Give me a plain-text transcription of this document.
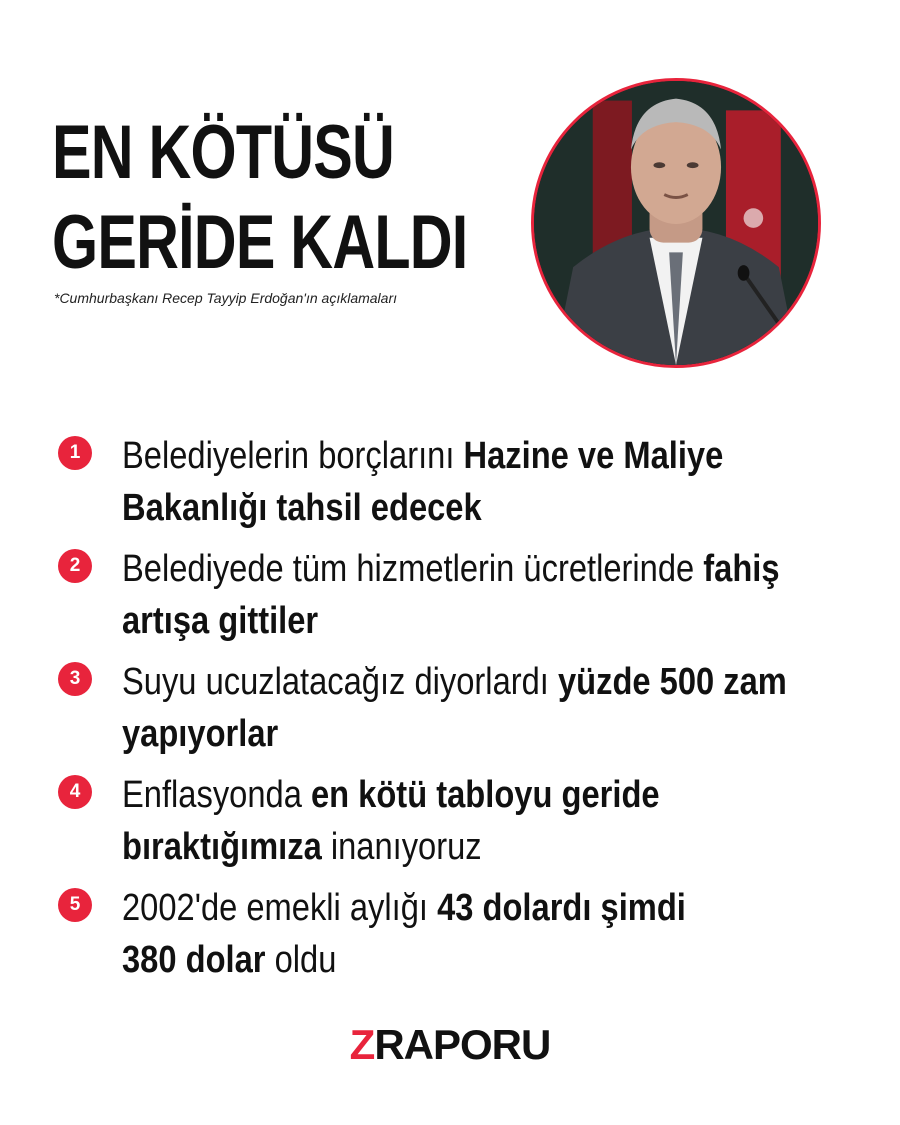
EN KÖTÜSÜ
GERİDE KALDI
*Cumhurbaşkanı Recep Tayyip Erdoğan'ın açıklamaları
1	Belediyelerin borçlarını Hazine ve Maliye
Bakanlığı tahsil edecek
2	Belediyede tüm hizmetlerin ücretlerinde fahiş
artışa gittiler
3	Suyu ucuzlatacağız diyorlardı yüzde 500 zam
yapıyorlar
4	Enflasyonda en kötü tabloyu geride
bıraktığımıza inanıyoruz
5	2002'de emekli aylığı 43 dolardı şimdi
380 dolar oldu
ZRAPORU
